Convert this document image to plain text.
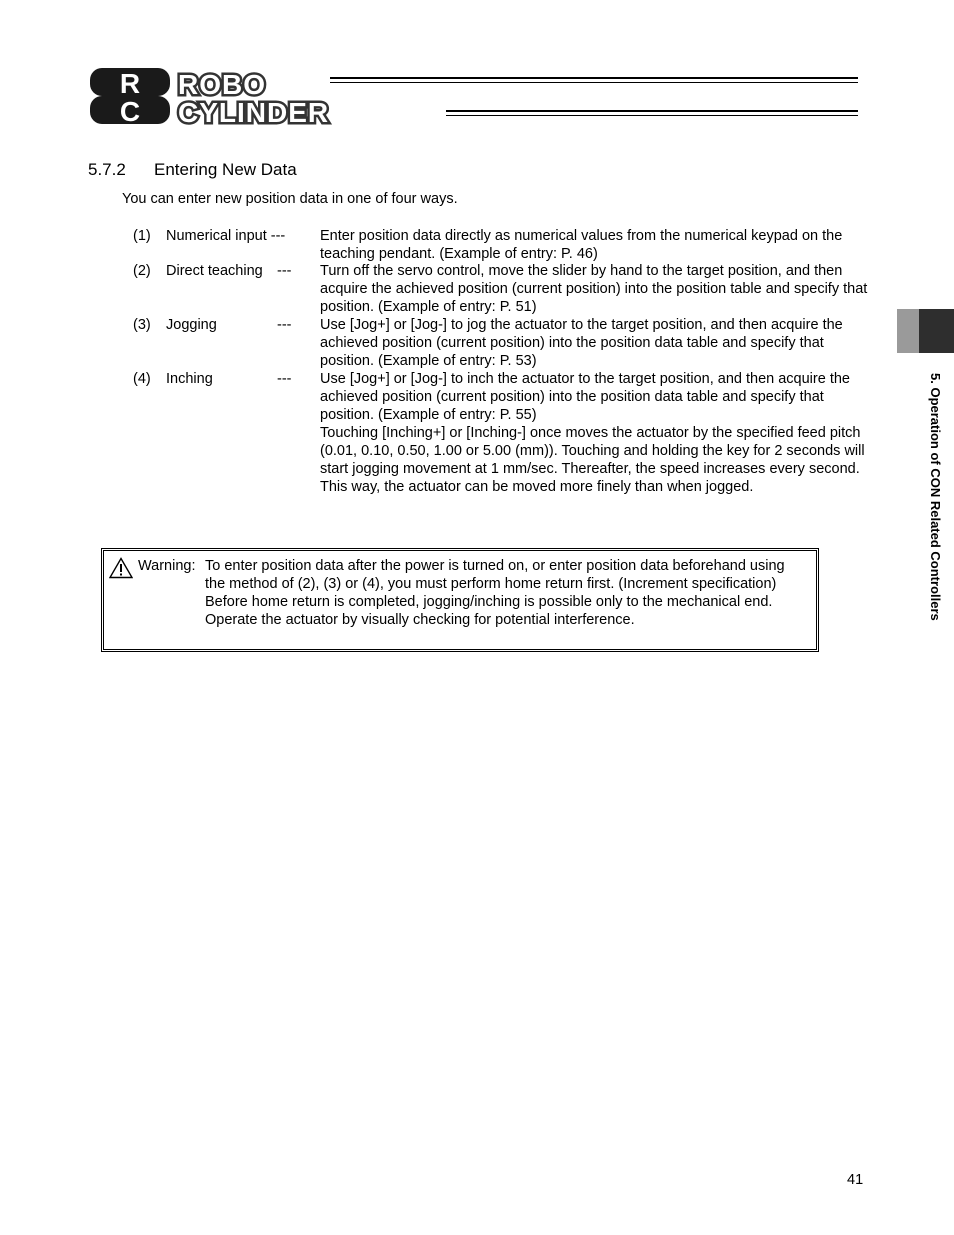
R
C
ROBO
CYLINDER
5.7.2 Entering New Data
You can enter new position data in one of four ways.
(1) Numerical input --- Enter position data directly as numerical values from the numerical keypad on the teaching pendant. (Example of entry: P. 46)
(2) Direct teaching --- Turn off the servo control, move the slider by hand to the target position, and then acquire the achieved position (current position) into the position table and specify that position. (Example of entry: P. 51)
(3) Jogging	--- Use [Jog+] or [Jog-] to jog the actuator to the target position, and then acquire the achieved position (current position) into the position data table and specify that position. (Example of entry: P. 53)
(4) Inching	--- Use [Jog+] or [Jog-] to inch the actuator to the target position, and then acquire the achieved position (current position) into the position data table and specify that position. (Example of entry: P. 55)
Touching [Inching+] or [Inching-] once moves the actuator by the specified feed pitch (0.01, 0.10, 0.50, 1.00 or 5.00 (mm)). Touching and holding the key for 2 seconds will start jogging movement at 1 mm/sec. Thereafter, the speed increases every second. This way, the actuator can be moved more finely than when jogged.
Warning: To enter position data after the power is turned on, or enter position data beforehand using the method of (2), (3) or (4), you must perform home return first. (Increment specification)
Before home return is completed, jogging/inching is possible only to the mechanical end. Operate the actuator by visually checking for potential interference.	5. Operation of CON Related Controllers
41
